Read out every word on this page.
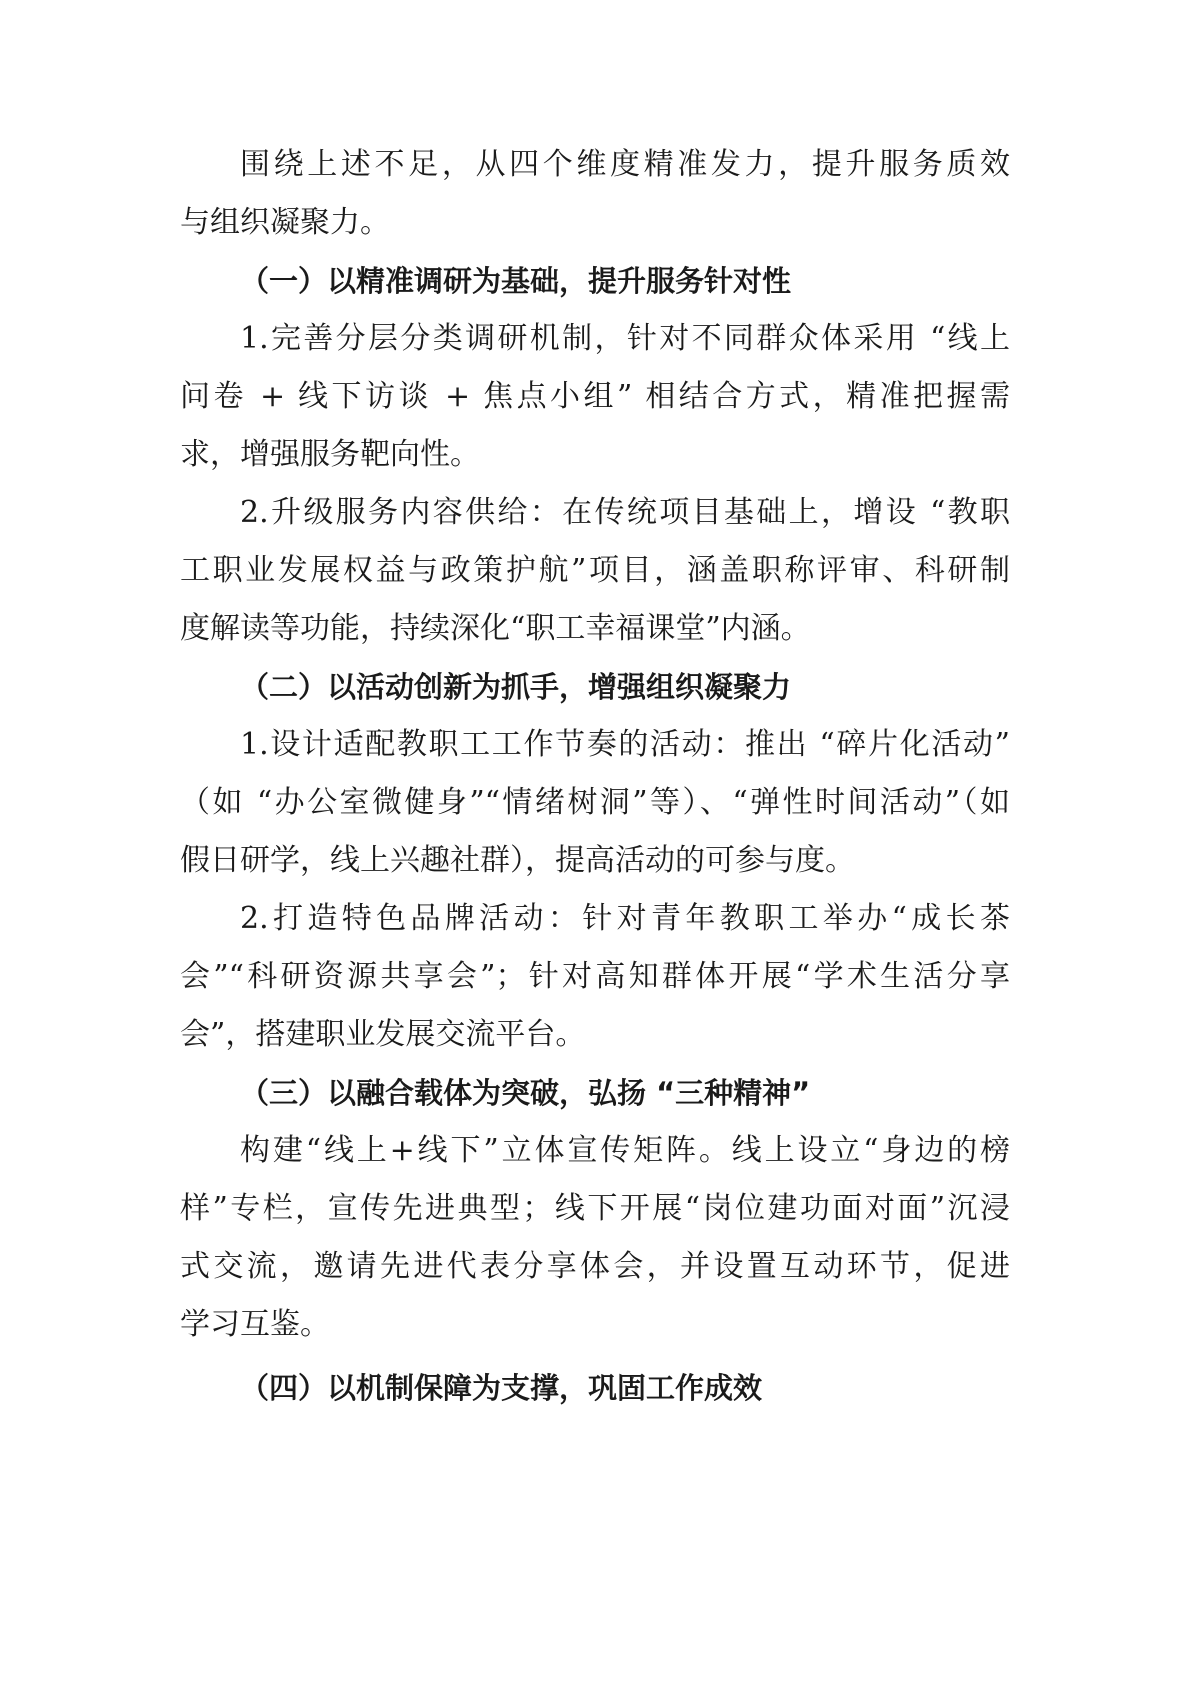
围绕上述不足，从四个维度精准发力，提升服务质效
与组织凝聚力。
（一）以精准调研为基础，提升服务针对性
1.完善分层分类调研机制，针对不同群众体采用 “线上
问卷 + 线下访谈 + 焦点小组” 相结合方式，精准把握需
求，增强服务靶向性。
2.升级服务内容供给：在传统项目基础上，增设 “教职
工职业发展权益与政策护航”项目，涵盖职称评审、科研制
度解读等功能，持续深化“职工幸福课堂”内涵。
（二）以活动创新为抓手，增强组织凝聚力
1.设计适配教职工工作节奏的活动：推出 “碎片化活动”
（如 “办公室微健身”“情绪树洞”等）、“弹性时间活动”（如
假日研学，线上兴趣社群），提高活动的可参与度。
2.打造特色品牌活动：针对青年教职工举办“成长茶
会”“科研资源共享会”；针对高知群体开展“学术生活分享
会”，搭建职业发展交流平台。
（三）以融合载体为突破，弘扬 “三种精神”
构建“线上+线下”立体宣传矩阵。线上设立“身边的榜
样”专栏，宣传先进典型；线下开展“岗位建功面对面”沉浸
式交流，邀请先进代表分享体会，并设置互动环节，促进
学习互鉴。
（四）以机制保障为支撑，巩固工作成效
